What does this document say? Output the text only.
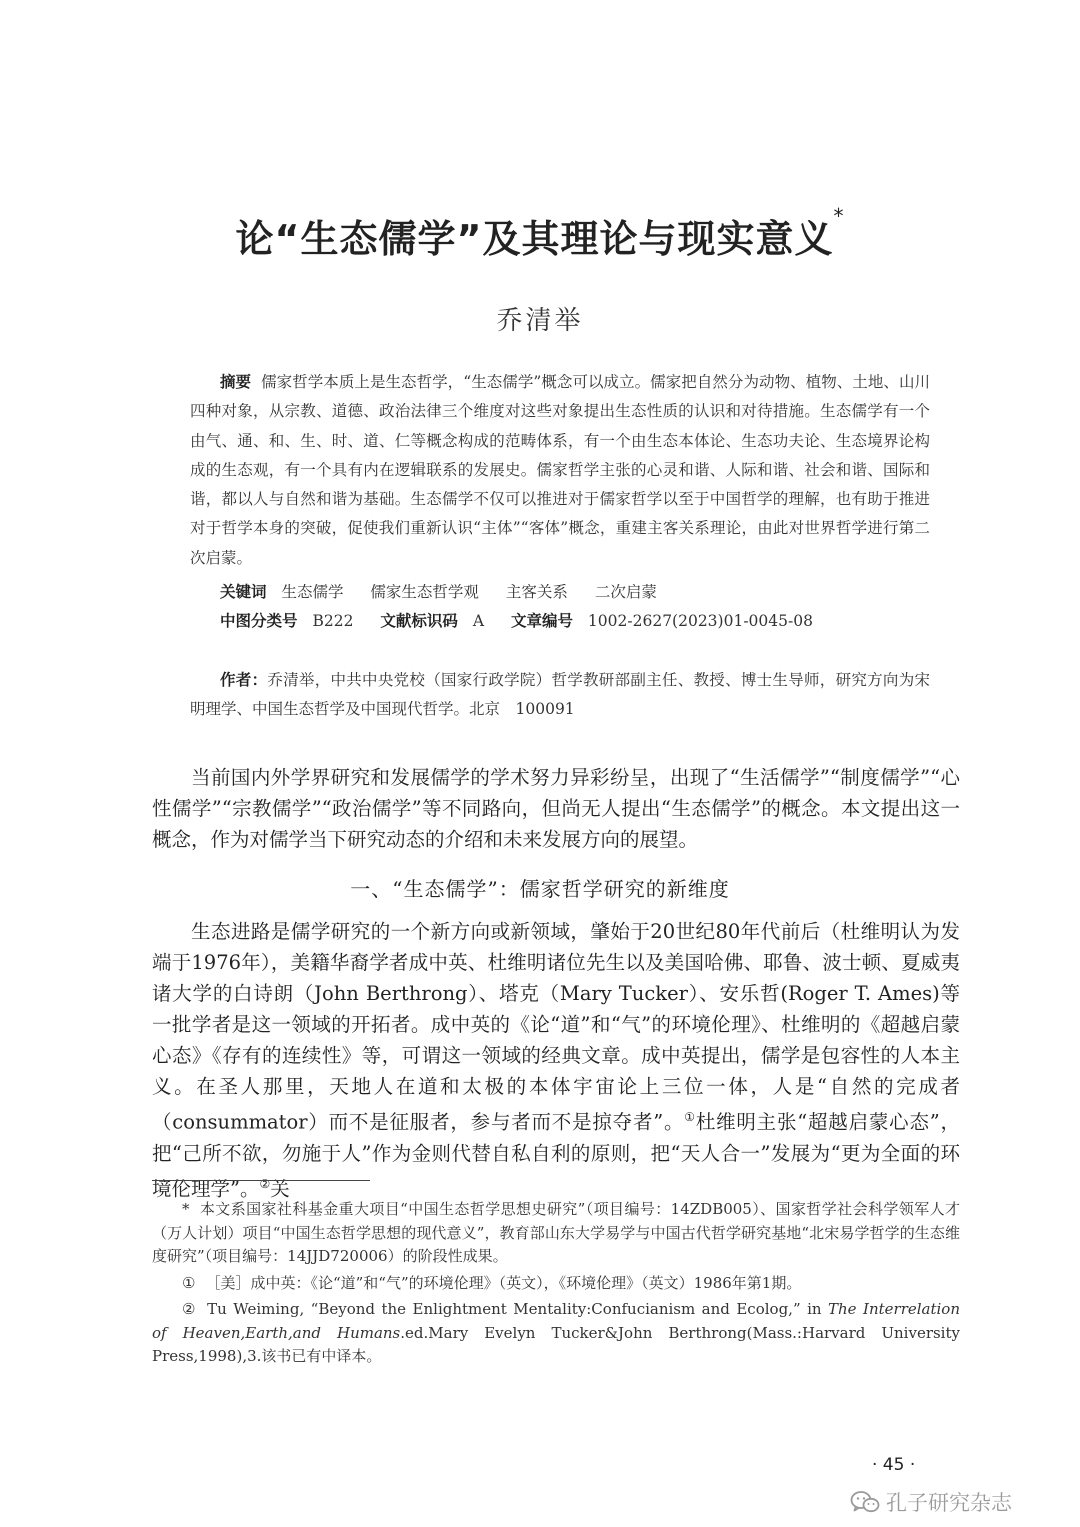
论“生态儒学”及其理论与现实意义*
乔清举
摘要 儒家哲学本质上是生态哲学，“生态儒学”概念可以成立。儒家把自然分为动物、植物、土地、山川四种对象，从宗教、道德、政治法律三个维度对这些对象提出生态性质的认识和对待措施。生态儒学有一个由气、通、和、生、时、道、仁等概念构成的范畴体系，有一个由生态本体论、生态功夫论、生态境界论构成的生态观，有一个具有内在逻辑联系的发展史。儒家哲学主张的心灵和谐、人际和谐、社会和谐、国际和谐，都以人与自然和谐为基础。生态儒学不仅可以推进对于儒家哲学以至于中国哲学的理解，也有助于推进对于哲学本身的突破，促使我们重新认识“主体”“客体”概念，重建主客关系理论，由此对世界哲学进行第二次启蒙。
关键词 生态儒学 儒家生态哲学观 主客关系 二次启蒙
中图分类号 B222 文献标识码 A 文章编号 1002-2627(2023)01-0045-08
作者：乔清举，中共中央党校（国家行政学院）哲学教研部副主任、教授、博士生导师，研究方向为宋明理学、中国生态哲学及中国现代哲学。北京　100091
当前国内外学界研究和发展儒学的学术努力异彩纷呈，出现了“生活儒学”“制度儒学”“心性儒学”“宗教儒学”“政治儒学”等不同路向，但尚无人提出“生态儒学”的概念。本文提出这一概念，作为对儒学当下研究动态的介绍和未来发展方向的展望。
一、“生态儒学”：儒家哲学研究的新维度
生态进路是儒学研究的一个新方向或新领域，肇始于20世纪80年代前后（杜维明认为发端于1976年），美籍华裔学者成中英、杜维明诸位先生以及美国哈佛、耶鲁、波士顿、夏威夷诸大学的白诗朗（John Berthrong）、塔克（Mary Tucker）、安乐哲(Roger T. Ames)等一批学者是这一领域的开拓者。成中英的《论“道”和“气”的环境伦理》、杜维明的《超越启蒙心态》《存有的连续性》等，可谓这一领域的经典文章。成中英提出，儒学是包容性的人本主义。在圣人那里，天地人在道和太极的本体宇宙论上三位一体，人是“自然的完成者（consummator）而不是征服者，参与者而不是掠夺者”。①杜维明主张“超越启蒙心态”，把“己所不欲，勿施于人”作为金则代替自私自利的原则，把“天人合一”发展为“更为全面的环境伦理学”。②关

* 本文系国家社科基金重大项目“中国生态哲学思想史研究”（项目编号：14ZDB005）、国家哲学社会科学领军人才（万人计划）项目“中国生态哲学思想的现代意义”，教育部山东大学易学与中国古代哲学研究基地“北宋易学哲学的生态维度研究”（项目编号：14JJD720006）的阶段性成果。

① ［美］成中英：《论“道”和“气”的环境伦理》（英文），《环境伦理》（英文）1986年第1期。

② Tu Weiming, “Beyond the Enlightment Mentality:Confucianism and Ecolog,” in The Interrelation of Heaven,Earth,and Humans.ed.Mary Evelyn Tucker&John Berthrong(Mass.:Harvard University Press,1998),3.该书已有中译本。

· 45 ·
孔子研究杂志
